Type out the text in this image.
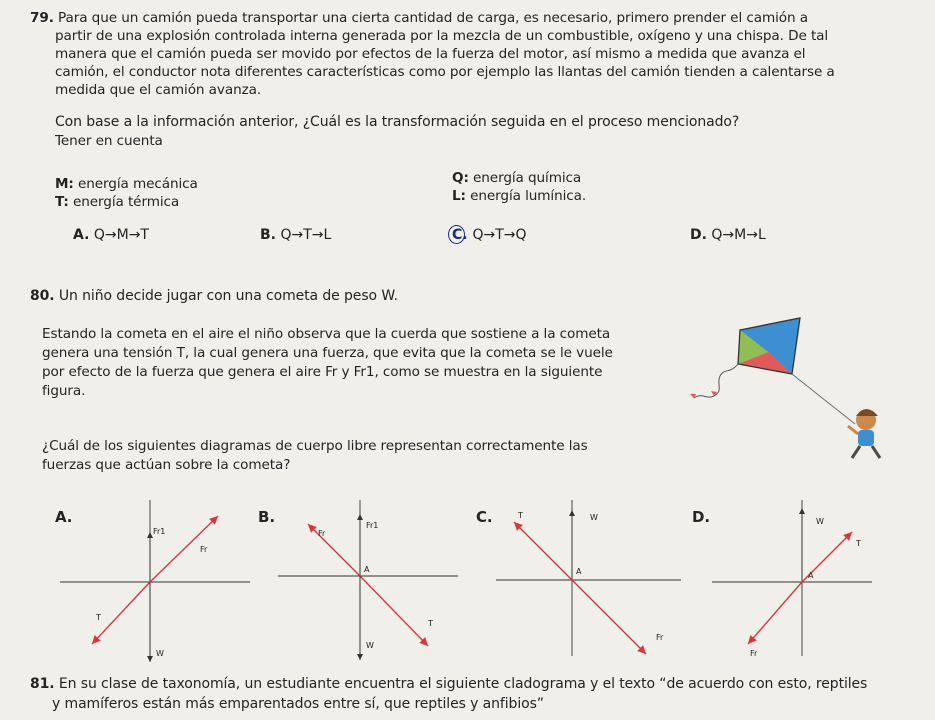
79. Para que un camión pueda transportar una cierta cantidad de carga, es necesario, primero prender el camión a
partir de una explosión controlada interna generada por la mezcla de un combustible, oxígeno y una chispa. De tal
manera que el camión pueda ser movido por efectos de la fuerza del motor, así mismo a medida que avanza el
camión, el conductor nota diferentes características como por ejemplo las llantas del camión tienden a calentarse a
medida que el camión avanza.
Con base a la información anterior, ¿Cuál es la transformación seguida en el proceso mencionado?
Tener en cuenta
M: energía mecánica
T: energía térmica
Q: energía química
L: energía lumínica.
A. Q→M→T	B. Q→T→L	C. Q→T→Q	D. Q→M→L
80. Un niño decide jugar con una cometa de peso W.
Estando la cometa en el aire el niño observa que la cuerda que sostiene a la cometa
genera una tensión T, la cual genera una fuerza, que evita que la cometa se le vuele
por efecto de la fuerza que genera el aire Fr y Fr1, como se muestra en la siguiente
figura.
¿Cuál de los siguientes diagramas de cuerpo libre representan correctamente las
fuerzas que actúan sobre la cometa?
A.
Fr1
Fr
T
W
B.
Fr
Fr1
A
T
W
C.	T	W
A
Fr
D.	W
T
A
Fr
81. En su clase de taxonomía, un estudiante encuentra el siguiente cladograma y el texto “de acuerdo con esto, reptiles
y mamíferos están más emparentados entre sí, que reptiles y anfibios”
